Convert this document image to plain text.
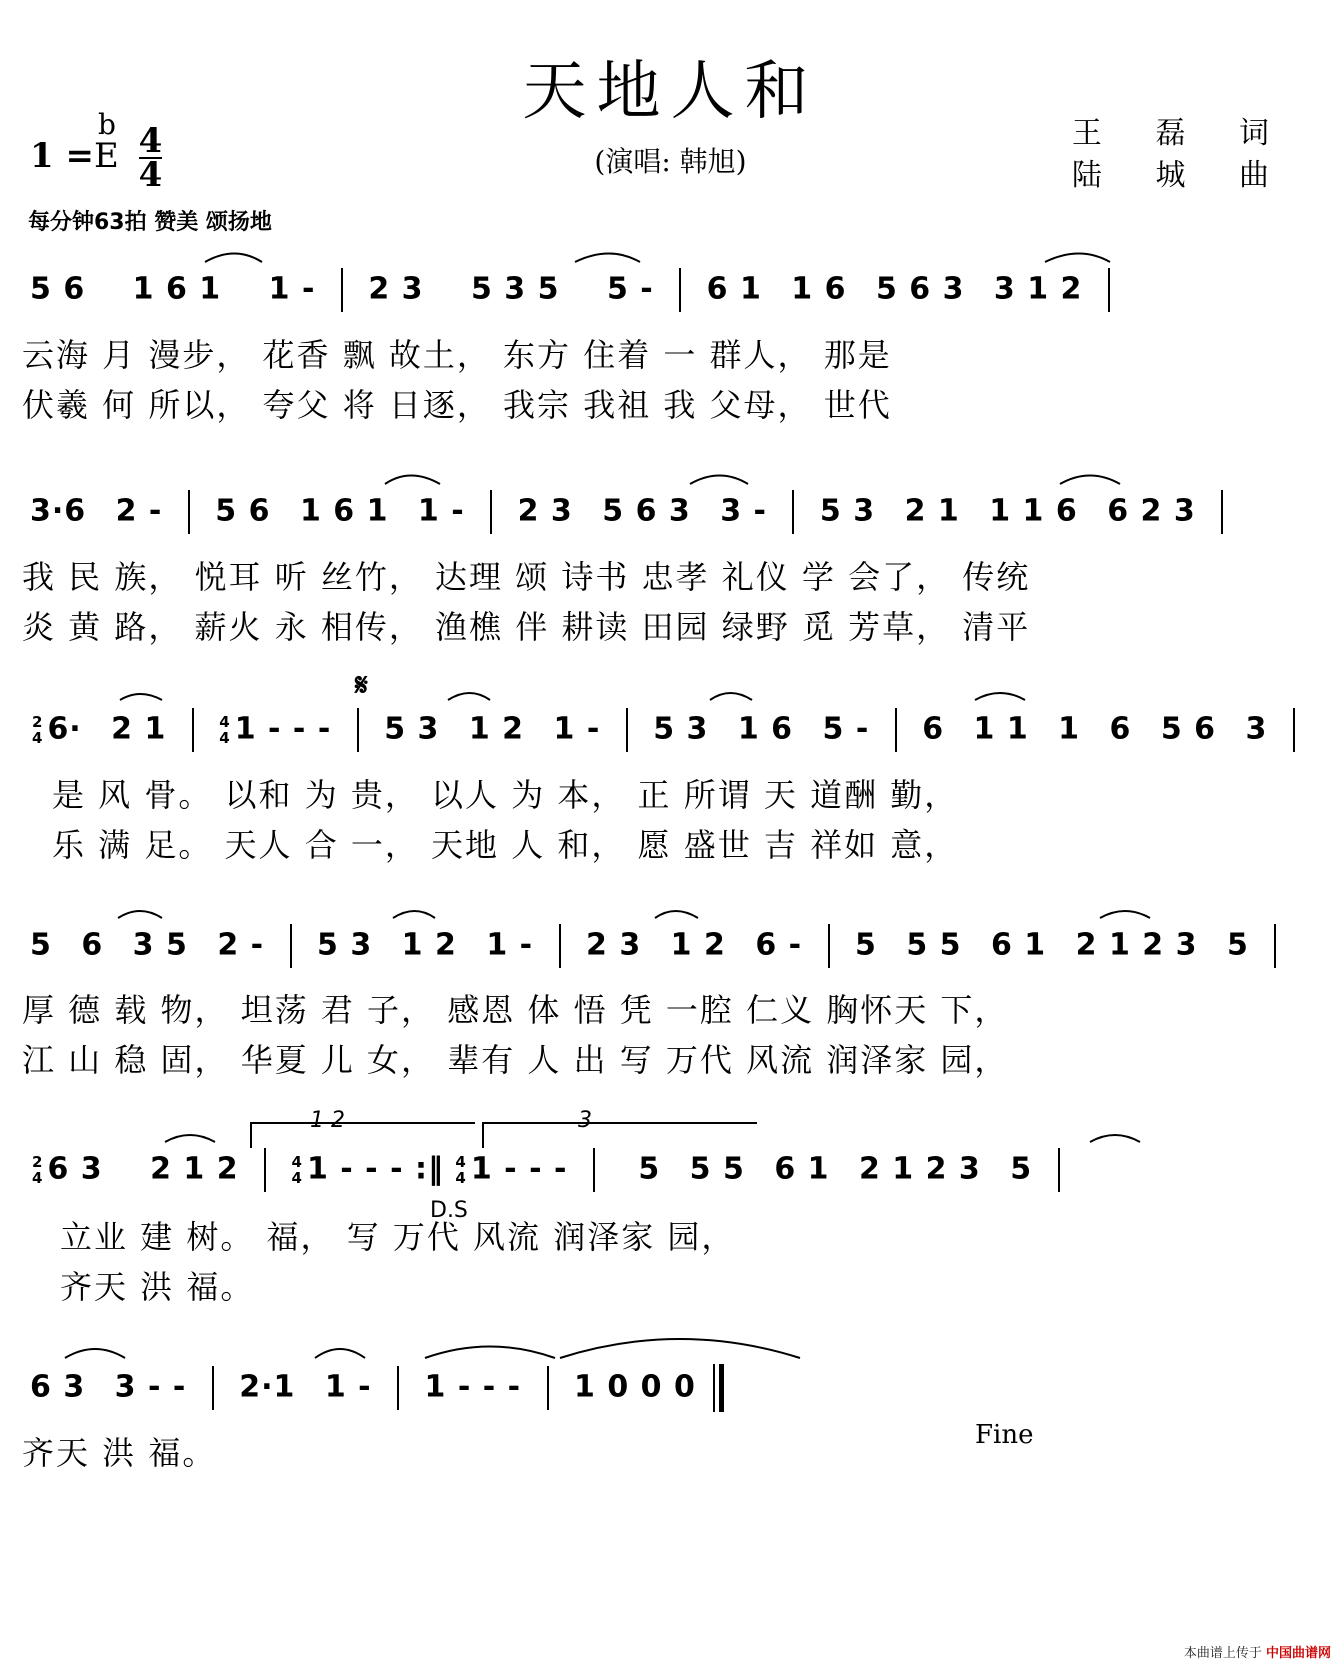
天地人和
(演唱: 韩旭)
王 磊 词
陆 城 曲
1 =
b
E $\frac{4}{4}$
每分钟63拍 赞美 颂扬地
5 6 1 6 1 1 - 2 3 5 3 5 5 - 6 1 1 6 5 6 3 3 1 2
云海 月 漫步， 花香 飘 故土， 东方 住着 一 群人， 那是
伏羲 何 所以， 夸父 将 日逐， 我宗 我祖 我 父母， 世代
3·6 2 - 5 6 1 6 1 1 - 2 3 5 6 3 3 - 5 3 2 1 1 1 6 6 2 3
我 民 族， 悦耳 听 丝竹， 达理 颂 诗书 忠孝 礼仪 学 会了， 传统
炎 黄 路， 薪火 永 相传， 渔樵 伴 耕读 田园 绿野 觅 芳草， 清平
𝄋
2
4 6· 2 1	4
4 1 - - - 5 3 1 2 1 - 5 3 1 6 5 - 6 1 1 1 6 5 6 3
是 风 骨。 以和 为 贵， 以人 为 本， 正 所谓 天 道酬 勤，
乐 满 足。 天人 合 一， 天地 人 和， 愿 盛世 吉 祥如 意，
5 6 3 5 2 - 5 3 1 2 1 - 2 3 1 2 6 - 5 5 5 6 1 2 1 2 3 5
厚 德 载 物， 坦荡 君 子， 感恩 体 悟 凭 一腔 仁义 胸怀天 下，
江 山 稳 固， 华夏 儿 女， 辈有 人 出 写 万代 风流 润泽家 园，
1 2	3
2
4 6 3 2 1 2	4
4 1 - - - :‖ 4
4 1 - - - 5 5 5 6 1 2 1 2 3 5
D.S
立业 建 树。 福， 写 万代 风流 润泽家 园，
齐天 洪 福。
6 3 3 - - 2·1 1 - 1 - - - 1 0 0 0
Fine
齐天 洪 福。
本曲谱上传于 中国曲谱网
